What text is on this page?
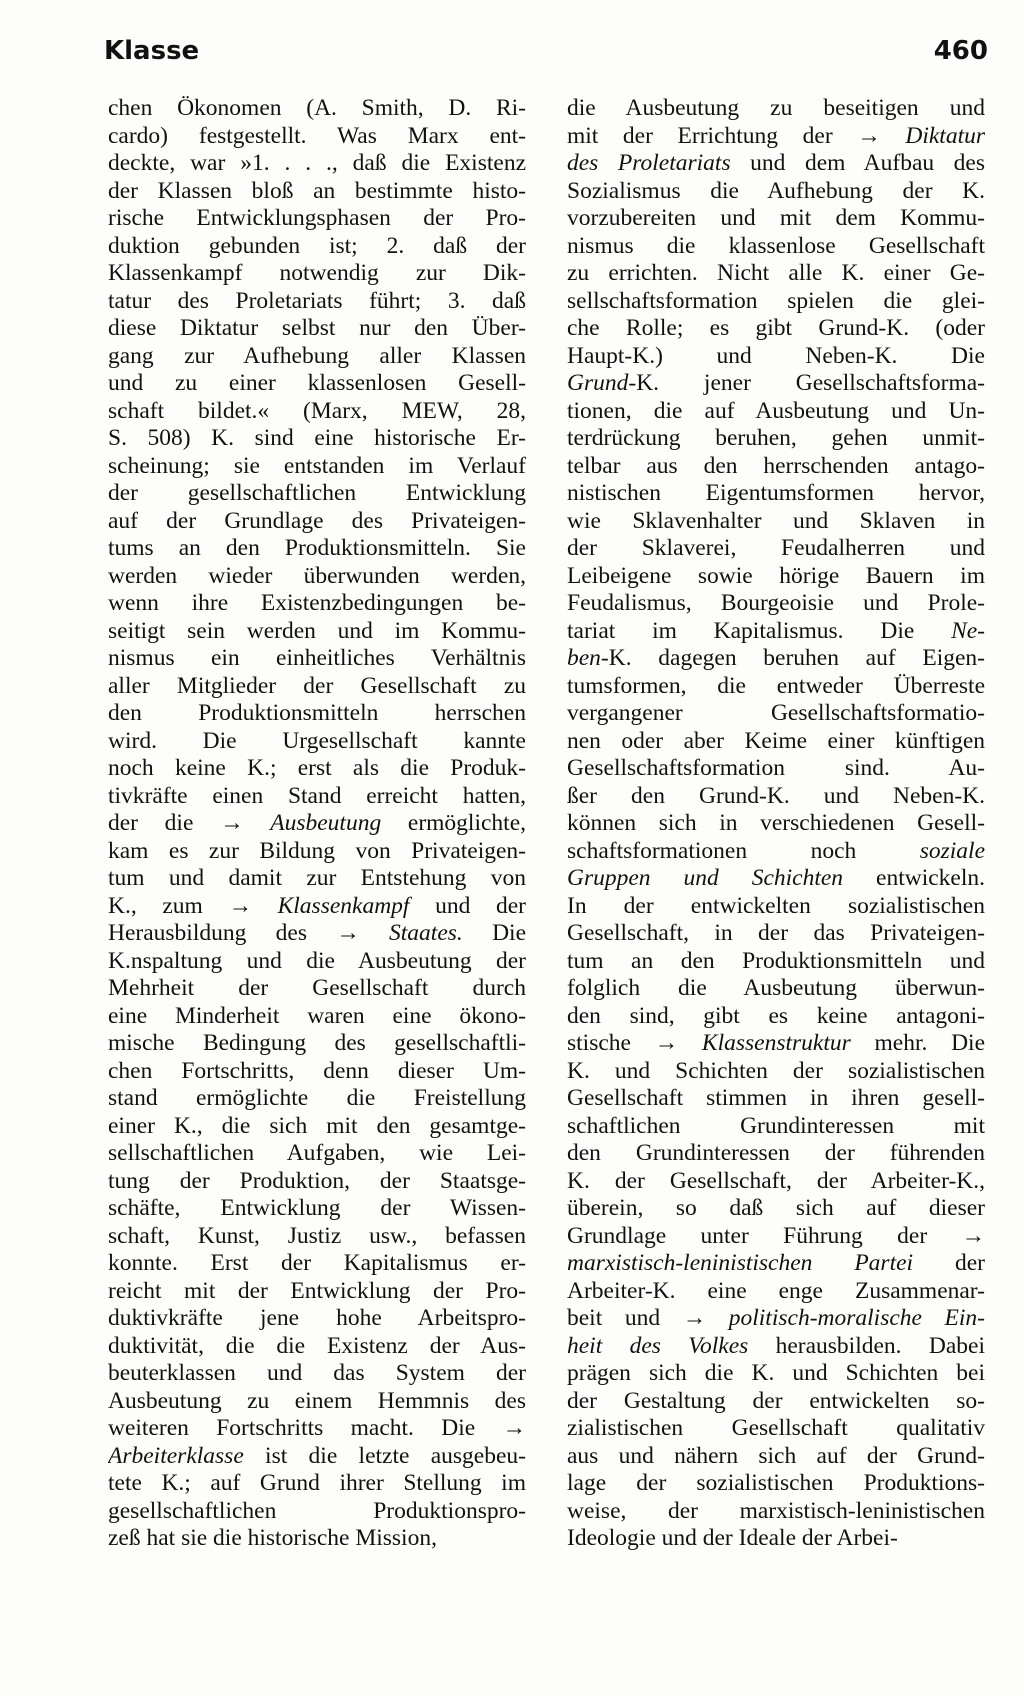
Klasse	460
chen Ökonomen (A. Smith, D. Ri-
cardo) festgestellt. Was Marx ent-
deckte, war »1. . . ., daß die Existenz
der Klassen bloß an bestimmte histo-
rische Entwicklungsphasen der Pro-
duktion gebunden ist; 2. daß der
Klassenkampf notwendig zur Dik-
tatur des Proletariats führt; 3. daß
diese Diktatur selbst nur den Über-
gang zur Aufhebung aller Klassen
und zu einer klassenlosen Gesell-
schaft bildet.« (Marx, MEW, 28,
S. 508) K. sind eine historische Er-
scheinung; sie entstanden im Verlauf
der gesellschaftlichen Entwicklung
auf der Grundlage des Privateigen-
tums an den Produktionsmitteln. Sie
werden wieder überwunden werden,
wenn ihre Existenzbedingungen be-
seitigt sein werden und im Kommu-
nismus ein einheitliches Verhältnis
aller Mitglieder der Gesellschaft zu
den Produktionsmitteln herrschen
wird. Die Urgesellschaft kannte
noch keine K.; erst als die Produk-
tivkräfte einen Stand erreicht hatten,
der die → Ausbeutung ermöglichte,
kam es zur Bildung von Privateigen-
tum und damit zur Entstehung von
K., zum → Klassenkampf und der
Herausbildung des → Staates. Die
K.nspaltung und die Ausbeutung der
Mehrheit der Gesellschaft durch
eine Minderheit waren eine ökono-
mische Bedingung des gesellschaftli-
chen Fortschritts, denn dieser Um-
stand ermöglichte die Freistellung
einer K., die sich mit den gesamtge-
sellschaftlichen Aufgaben, wie Lei-
tung der Produktion, der Staatsge-
schäfte, Entwicklung der Wissen-
schaft, Kunst, Justiz usw., befassen
konnte. Erst der Kapitalismus er-
reicht mit der Entwicklung der Pro-
duktivkräfte jene hohe Arbeitspro-
duktivität, die die Existenz der Aus-
beuterklassen und das System der
Ausbeutung zu einem Hemmnis des
weiteren Fortschritts macht. Die →
Arbeiterklasse ist die letzte ausgebeu-
tete K.; auf Grund ihrer Stellung im
gesellschaftlichen Produktionspro-
zeß hat sie die historische Mission,
die Ausbeutung zu beseitigen und
mit der Errichtung der → Diktatur
des Proletariats und dem Aufbau des
Sozialismus die Aufhebung der K.
vorzubereiten und mit dem Kommu-
nismus die klassenlose Gesellschaft
zu errichten. Nicht alle K. einer Ge-
sellschaftsformation spielen die glei-
che Rolle; es gibt Grund-K. (oder
Haupt-K.) und Neben-K. Die
Grund-K. jener Gesellschaftsforma-
tionen, die auf Ausbeutung und Un-
terdrückung beruhen, gehen unmit-
telbar aus den herrschenden antago-
nistischen Eigentumsformen hervor,
wie Sklavenhalter und Sklaven in
der Sklaverei, Feudalherren und
Leibeigene sowie hörige Bauern im
Feudalismus, Bourgeoisie und Prole-
tariat im Kapitalismus. Die Ne-
ben-K. dagegen beruhen auf Eigen-
tumsformen, die entweder Überreste
vergangener Gesellschaftsformatio-
nen oder aber Keime einer künftigen
Gesellschaftsformation sind. Au-
ßer den Grund-K. und Neben-K.
können sich in verschiedenen Gesell-
schaftsformationen noch soziale
Gruppen und Schichten entwickeln.
In der entwickelten sozialistischen
Gesellschaft, in der das Privateigen-
tum an den Produktionsmitteln und
folglich die Ausbeutung überwun-
den sind, gibt es keine antagoni-
stische → Klassenstruktur mehr. Die
K. und Schichten der sozialistischen
Gesellschaft stimmen in ihren gesell-
schaftlichen Grundinteressen mit
den Grundinteressen der führenden
K. der Gesellschaft, der Arbeiter-K.,
überein, so daß sich auf dieser
Grundlage unter Führung der →
marxistisch-leninistischen Partei der
Arbeiter-K. eine enge Zusammenar-
beit und → politisch-moralische Ein-
heit des Volkes herausbilden. Dabei
prägen sich die K. und Schichten bei
der Gestaltung der entwickelten so-
zialistischen Gesellschaft qualitativ
aus und nähern sich auf der Grund-
lage der sozialistischen Produktions-
weise, der marxistisch-leninistischen
Ideologie und der Ideale der Arbei-
